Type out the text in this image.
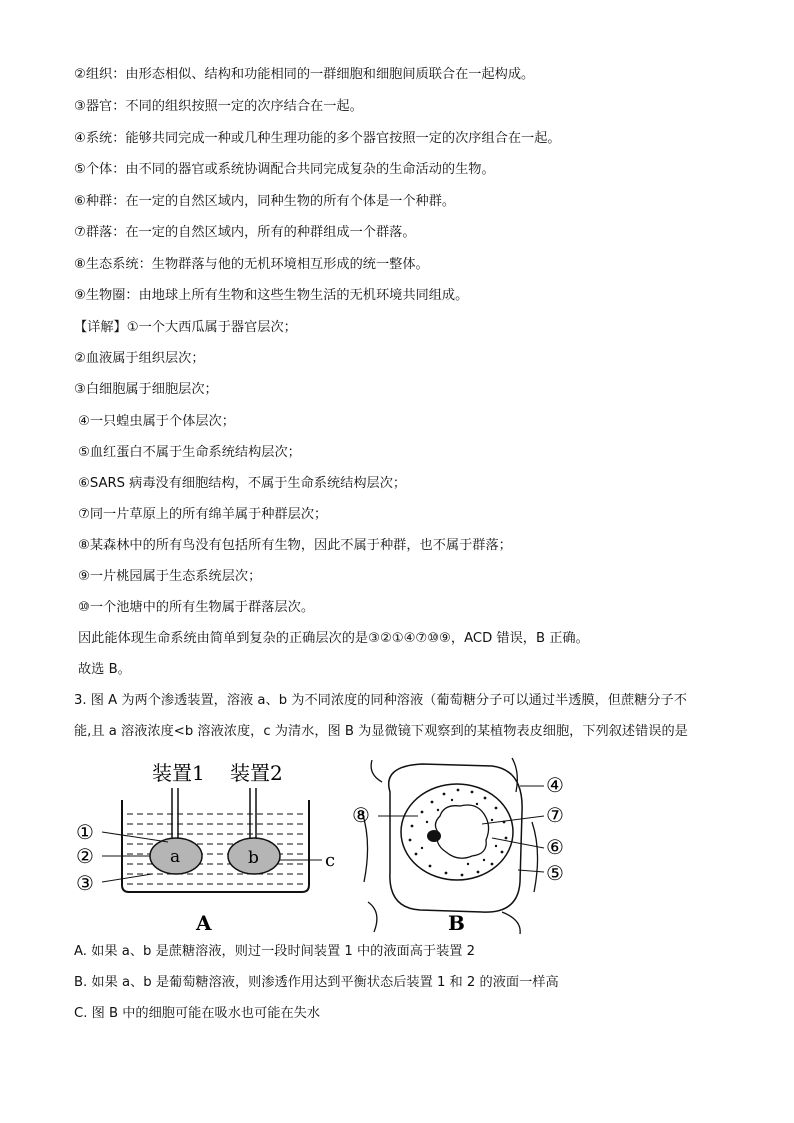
②组织：由形态相似、结构和功能相同的一群细胞和细胞间质联合在一起构成。
③器官：不同的组织按照一定的次序结合在一起。
④系统：能够共同完成一种或几种生理功能的多个器官按照一定的次序组合在一起。
⑤个体：由不同的器官或系统协调配合共同完成复杂的生命活动的生物。
⑥种群：在一定的自然区域内，同种生物的所有个体是一个种群。
⑦群落：在一定的自然区域内，所有的种群组成一个群落。
⑧生态系统：生物群落与他的无机环境相互形成的统一整体。
⑨生物圈：由地球上所有生物和这些生物生活的无机环境共同组成。
【详解】①一个大西瓜属于器官层次；
②血液属于组织层次；
③白细胞属于细胞层次；
④一只蝗虫属于个体层次；
⑤血红蛋白不属于生命系统结构层次；
⑥SARS 病毒没有细胞结构，不属于生命系统结构层次；
⑦同一片草原上的所有绵羊属于种群层次；
⑧某森林中的所有鸟没有包括所有生物，因此不属于种群，也不属于群落；
⑨一片桃园属于生态系统层次；
⑩一个池塘中的所有生物属于群落层次。
因此能体现生命系统由简单到复杂的正确层次的是③②①④⑦⑩⑨，ACD 错误，B 正确。
故选 B。
3. 图 A 为两个渗透装置，溶液 a、b 为不同浓度的同种溶液（葡萄糖分子可以通过半透膜，但蔗糖分子不
能,且 a 溶液浓度<b 溶液浓度，c 为清水，图 B 为显微镜下观察到的某植物表皮细胞，下列叙述错误的是
装置1 装置2
a	b
①
②
③
c
A
⑧
④
⑦
⑥
⑤
B
A. 如果 a、b 是蔗糖溶液，则过一段时间装置 1 中的液面高于装置 2
B. 如果 a、b 是葡萄糖溶液，则渗透作用达到平衡状态后装置 1 和 2 的液面一样高
C. 图 B 中的细胞可能在吸水也可能在失水
